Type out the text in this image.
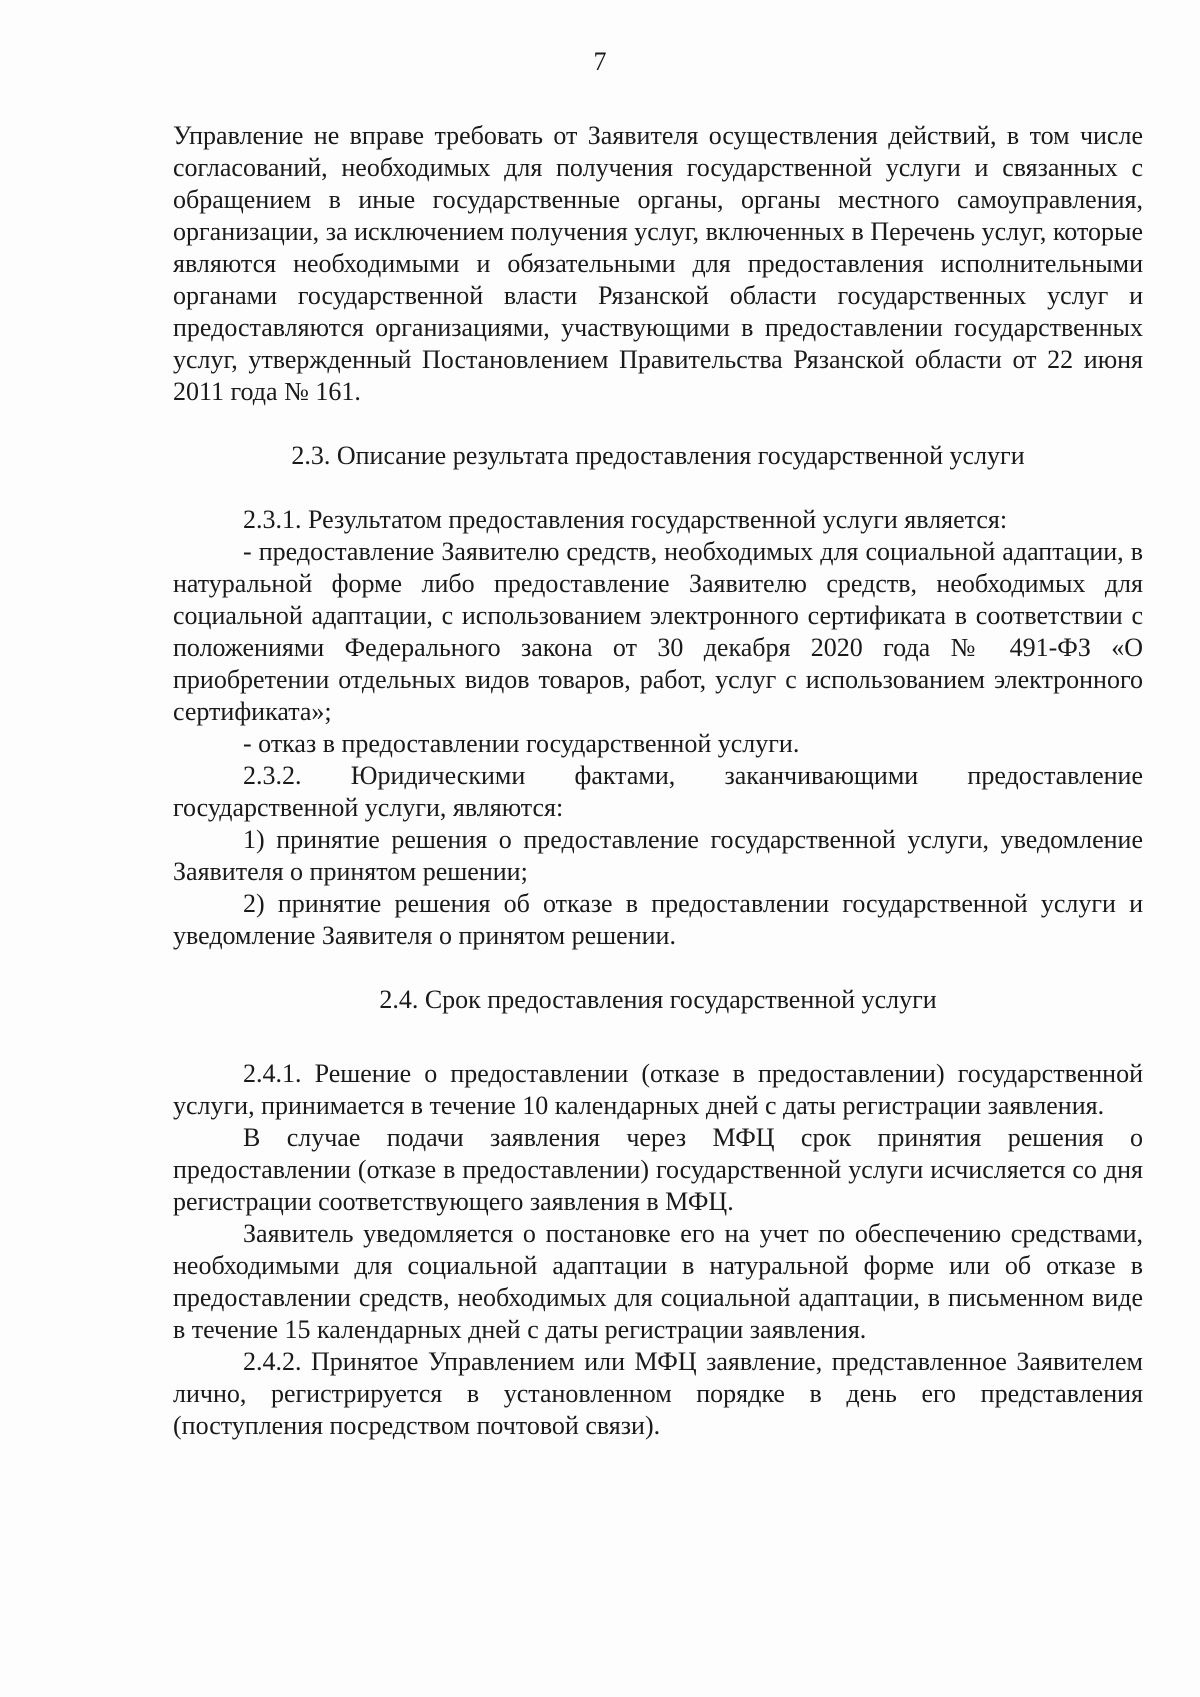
7

Управление не вправе требовать от Заявителя осуществления действий, в том числе согласований, необходимых для получения государственной услуги и связанных с обращением в иные государственные органы, органы местного самоуправления, организации, за исключением получения услуг, включенных в Перечень услуг, которые являются необходимыми и обязательными для предоставления исполнительными органами государственной власти Рязанской области государственных услуг и предоставляются организациями, участвующими в предоставлении государственных услуг, утвержденный Постановлением Правительства Рязанской области от 22 июня 2011 года № 161.

2.3. Описание результата предоставления государственной услуги

2.3.1. Результатом предоставления государственной услуги является:

- предоставление Заявителю средств, необходимых для социальной адаптации, в натуральной форме либо предоставление Заявителю средств, необходимых для социальной адаптации, с использованием электронного сертификата в соответствии с положениями Федерального закона от 30 декабря 2020 года № 491-ФЗ «О приобретении отдельных видов товаров, работ, услуг с использованием электронного сертификата»;

- отказ в предоставлении государственной услуги.

2.3.2. Юридическими фактами, заканчивающими предоставление государственной услуги, являются:

1) принятие решения о предоставление государственной услуги, уведомление Заявителя о принятом решении;

2) принятие решения об отказе в предоставлении государственной услуги и уведомление Заявителя о принятом решении.

2.4. Срок предоставления государственной услуги

2.4.1. Решение о предоставлении (отказе в предоставлении) государственной услуги, принимается в течение 10 календарных дней с даты регистрации заявления.

В случае подачи заявления через МФЦ срок принятия решения о предоставлении (отказе в предоставлении) государственной услуги исчисляется со дня регистрации соответствующего заявления в МФЦ.

Заявитель уведомляется о постановке его на учет по обеспечению средствами, необходимыми для социальной адаптации в натуральной форме или об отказе в предоставлении средств, необходимых для социальной адаптации, в письменном виде в течение 15 календарных дней с даты регистрации заявления.

2.4.2. Принятое Управлением или МФЦ заявление, представленное Заявителем лично, регистрируется в установленном порядке в день его представления (поступления посредством почтовой связи).
